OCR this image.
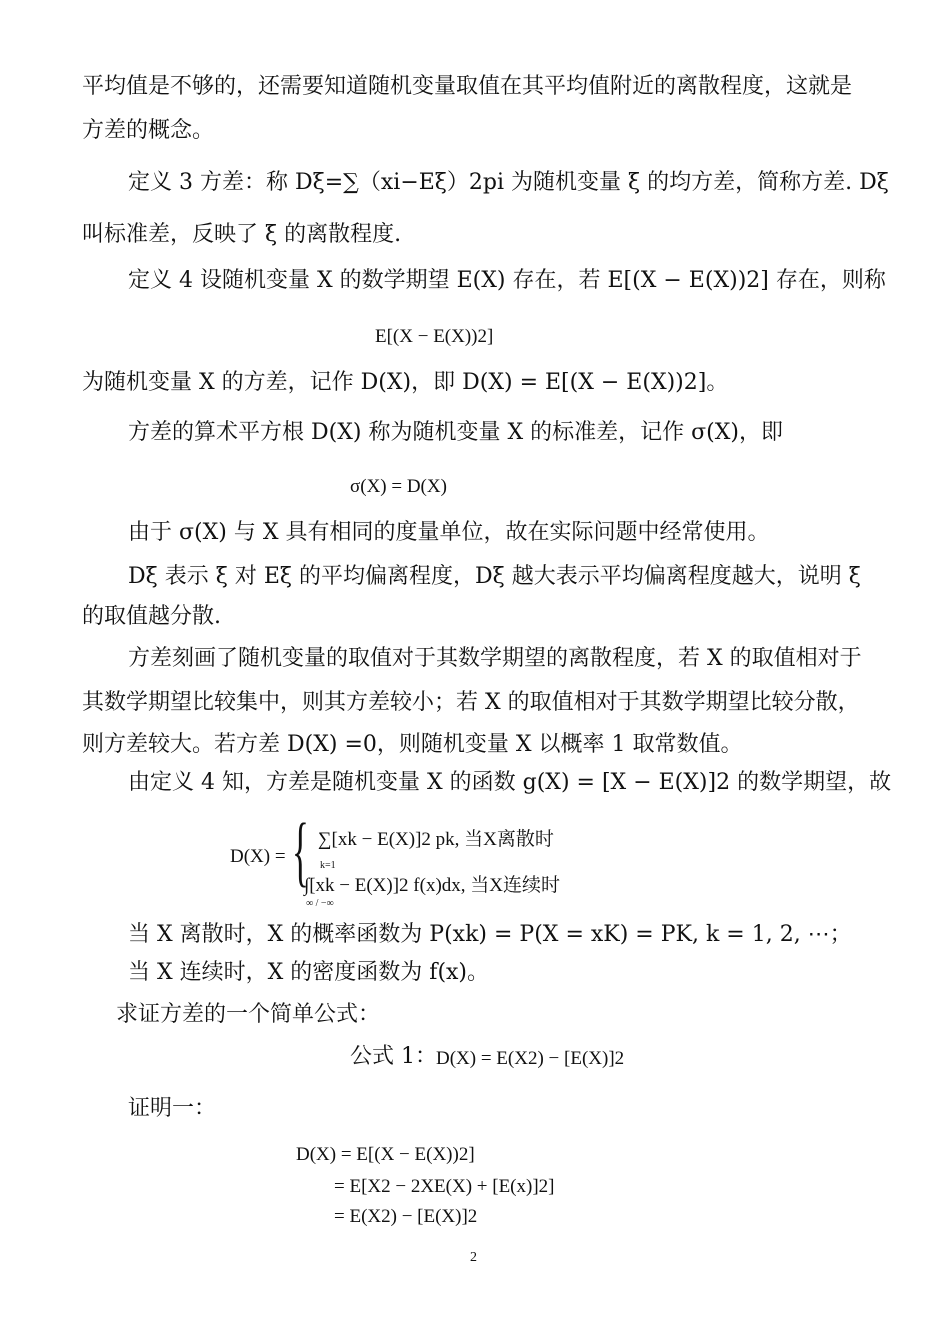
平均值是不够的，还需要知道随机变量取值在其平均值附近的离散程度，这就是
方差的概念。
定义 3 方差：称 Dξ=∑（xi−Eξ）2pi 为随机变量 ξ 的均方差，简称方差. Dξ
叫标准差，反映了 ξ 的离散程度.
定义 4 设随机变量 X 的数学期望 E(X) 存在，若 E[(X − E(X))2] 存在，则称
E[(X − E(X))2]
为随机变量 X 的方差，记作 D(X)，即 D(X) = E[(X − E(X))2]。
方差的算术平方根 D(X) 称为随机变量 X 的标准差，记作 σ(X)，即
σ(X) = D(X)
由于 σ(X) 与 X 具有相同的度量单位，故在实际问题中经常使用。
Dξ 表示 ξ 对 Eξ 的平均偏离程度，Dξ 越大表示平均偏离程度越大，说明 ξ
的取值越分散.
方差刻画了随机变量的取值对于其数学期望的离散程度，若 X 的取值相对于
其数学期望比较集中，则其方差较小；若 X 的取值相对于其数学期望比较分散，
则方差较大。若方差 D(X) =0，则随机变量 X 以概率 1 取常数值。
由定义 4 知，方差是随机变量 X 的函数 g(X) = [X − E(X)]2 的数学期望，故
D(X) = { ∑[xk − E(X)]2 pk, 当X离散时
k=1
∫[xk − E(X)]2 f(x)dx, 当X连续时
∞ / −∞
当 X 离散时，X 的概率函数为 P(xk) = P(X = xK) = PK, k = 1, 2, ⋯；
当 X 连续时，X 的密度函数为 f(x)。
求证方差的一个简单公式：
公式 1： D(X) = E(X2) − [E(X)]2
证明一：
D(X) = E[(X − E(X))2]
= E[X2 − 2XE(X) + [E(x)]2]
= E(X2) − [E(X)]2
2
